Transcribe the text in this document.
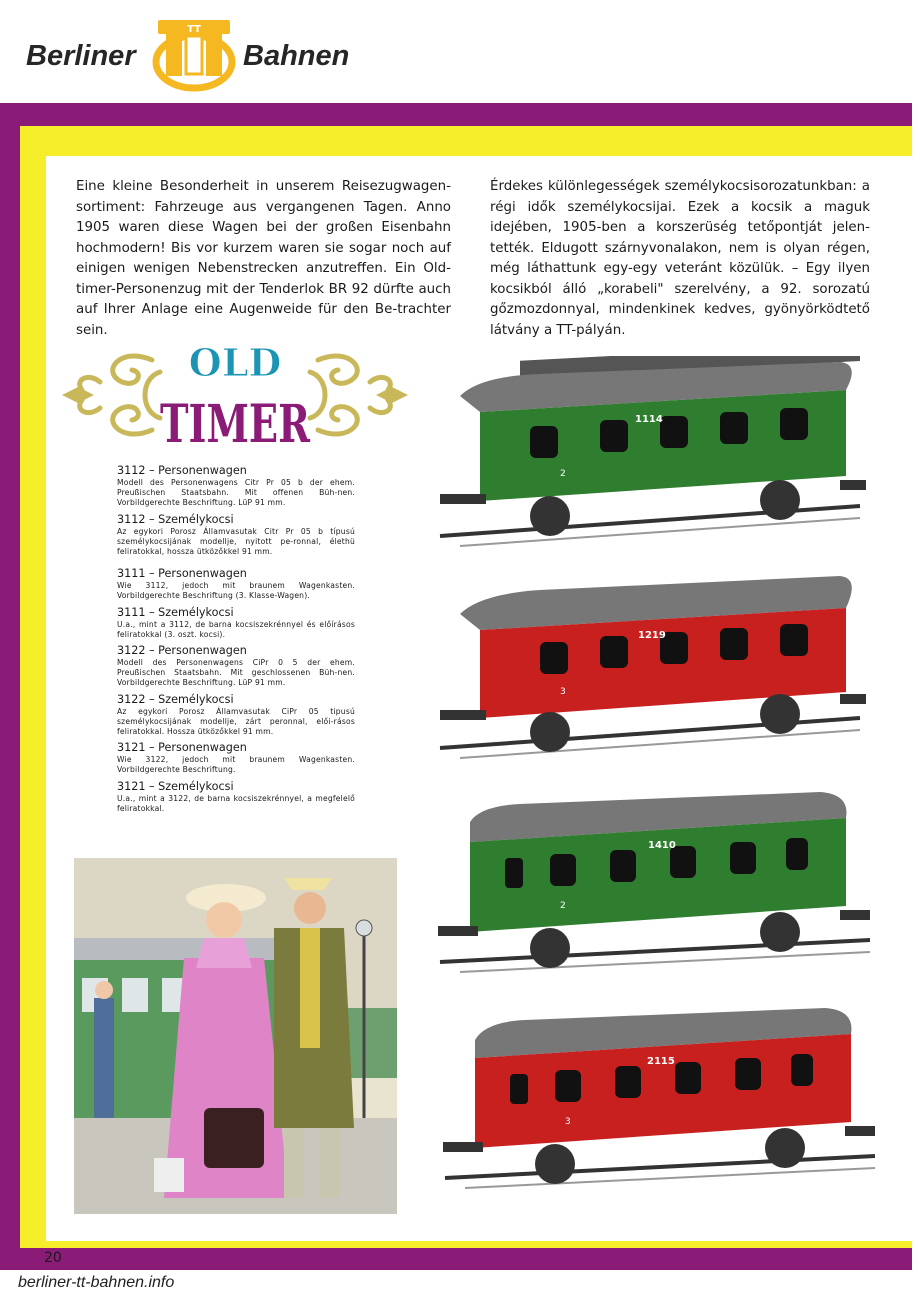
Berliner
TT
Bahnen
Eine kleine Besonderheit in unserem Reisezugwagen-sortiment: Fahrzeuge aus vergangenen Tagen. Anno 1905 waren diese Wagen bei der großen Eisenbahn hochmodern! Bis vor kurzem waren sie sogar noch auf einigen wenigen Nebenstrecken anzutreffen. Ein Old-timer-Personenzug mit der Tenderlok BR 92 dürfte auch auf Ihrer Anlage eine Augenweide für den Be-trachter sein.
Érdekes különlegességek személykocsisorozatunkban: a régi idők személykocsijai. Ezek a kocsik a maguk idejében, 1905-ben a korszerüség tetőpontját jelen-tették. Eldugott szárnyvonalakon, nem is olyan régen, még láthattunk egy-egy veteránt közülük. – Egy ilyen kocsikból álló „korabeli" szerelvény, a 92. sorozatú gőzmozdonnyal, mindenkinek kedves, gyönyörködtető látvány a TT-pályán.
OLD
TIMER
3112 – Personenwagen
Modell des Personenwagens Citr Pr 05 b der ehem. Preußischen Staatsbahn. Mit offenen Büh-nen. Vorbildgerechte Beschriftung. LüP 91 mm.
3112 – Személykocsi
Az egykori Porosz Államvasutak Citr Pr 05 b típusú személykocsijának modellje, nyitott pe-ronnal, élethü feliratokkal, hossza ütközőkkel 91 mm.
3111 – Personenwagen
Wie 3112, jedoch mit braunem Wagenkasten. Vorbildgerechte Beschriftung (3. Klasse-Wagen).
3111 – Személykocsi
U.a., mint a 3112, de barna kocsiszekrénnyel és előírásos feliratokkal (3. oszt. kocsi).
3122 – Personenwagen
Modell des Personenwagens CiPr 0 5 der ehem. Preußischen Staatsbahn. Mit geschlossenen Büh-nen. Vorbildgerechte Beschriftung. LüP 91 mm.
3122 – Személykocsi
Az egykori Porosz Államvasutak CiPr 05 tipusú személykocsijának modellje, zárt peronnal, elői-rásos feliratokkal. Hossza ütközőkkel 91 mm.
3121 – Personenwagen
Wie 3122, jedoch mit braunem Wagenkasten. Vorbildgerechte Beschriftung.
3121 – Személykocsi
U.a., mint a 3122, de barna kocsiszekrénnyel, a megfelelő feliratokkal.
1114
2
1219
3
1410
2
2115
3
20
berliner-tt-bahnen.info
